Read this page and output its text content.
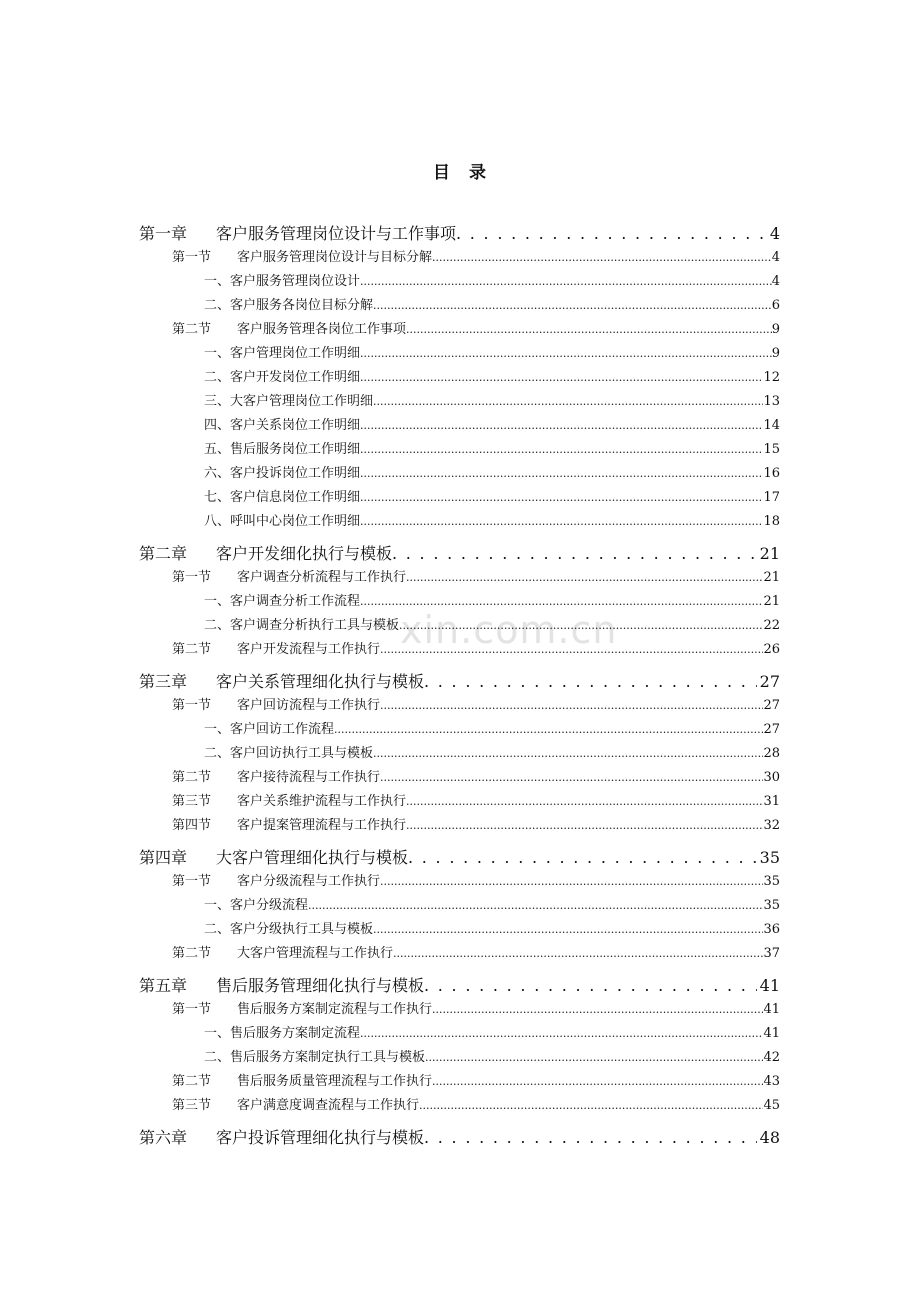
目　录
xin.com.cn
第一章 客户服务管理岗位设计与工作事项 . . .	4
第一节 客户服务管理岗位设计与目标分解 .....	4
一、客户服务管理岗位设计 .....	4
二、客户服务各岗位目标分解 .....	6
第二节 客户服务管理各岗位工作事项 .....	9
一、客户管理岗位工作明细 .....	9
二、客户开发岗位工作明细 .....	12
三、大客户管理岗位工作明细 .....	13
四、客户关系岗位工作明细 .....	14
五、售后服务岗位工作明细 .....	15
六、客户投诉岗位工作明细 .....	16
七、客户信息岗位工作明细 .....	17
八、呼叫中心岗位工作明细 .....	18
第二章 客户开发细化执行与模板 . . .	21
第一节 客户调查分析流程与工作执行 .....	21
一、客户调查分析工作流程 .....	21
二、客户调查分析执行工具与模板 .....	22
第二节 客户开发流程与工作执行 .....	26
第三章 客户关系管理细化执行与模板 . . .	27
第一节 客户回访流程与工作执行 .....	27
一、客户回访工作流程 .....	27
二、客户回访执行工具与模板 .....	28
第二节 客户接待流程与工作执行 .....	30
第三节 客户关系维护流程与工作执行 .....	31
第四节 客户提案管理流程与工作执行 .....	32
第四章 大客户管理细化执行与模板 . . .	35
第一节 客户分级流程与工作执行 .....	35
一、客户分级流程 .....	35
二、客户分级执行工具与模板 .....	36
第二节 大客户管理流程与工作执行 .....	37
第五章 售后服务管理细化执行与模板 . . .	41
第一节 售后服务方案制定流程与工作执行 .....	41
一、售后服务方案制定流程 .....	41
二、售后服务方案制定执行工具与模板 .....	42
第二节 售后服务质量管理流程与工作执行 .....	43
第三节 客户满意度调查流程与工作执行 .....	45
第六章 客户投诉管理细化执行与模板 . . .	48
